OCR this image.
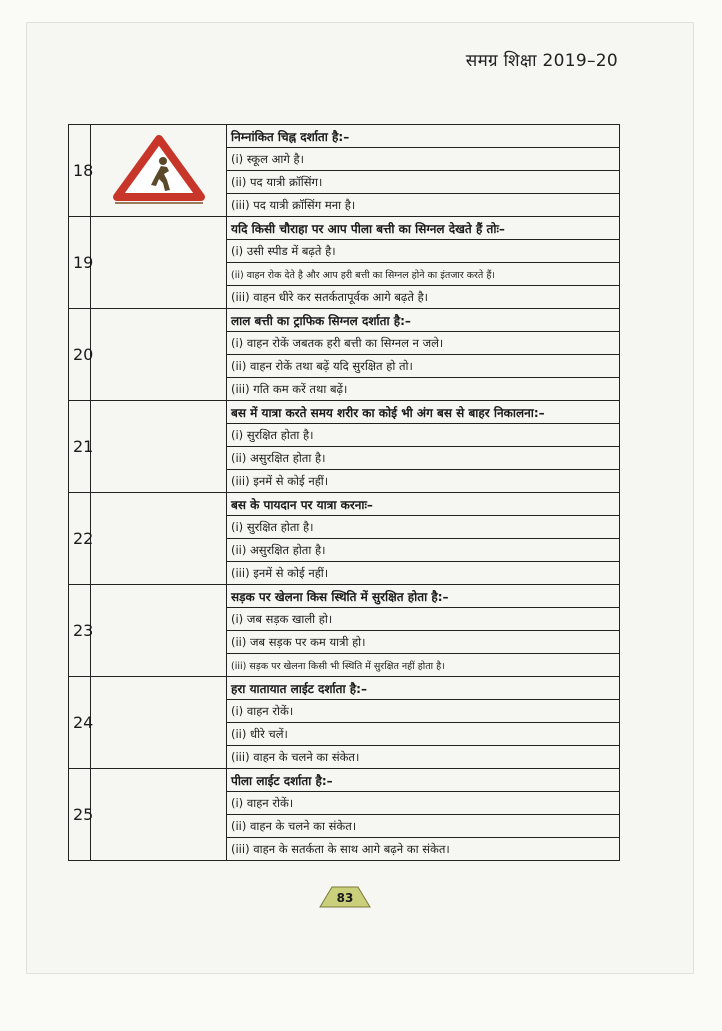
समग्र शिक्षा 2019–20
18		निम्नांकित चिह्न दर्शाता है:–
		(i) स्कूल आगे है।
		(ii) पद यात्री क्रॉसिंग।
		(iii) पद यात्री क्रॉसिंग मना है।
19		यदि किसी चौराहा पर आप पीला बत्ती का सिग्नल देखते हैं तोः–
		(i) उसी स्पीड में बढ़ते है।
		(ii) वाहन रोक देते है और आप हरी बत्ती का सिग्नल होने का इंतजार करते हैं।
		(iii) वाहन धीरे कर सतर्कतापूर्वक आगे बढ़ते है।
20		लाल बत्ती का ट्राफिक सिग्नल दर्शाता है:–
		(i) वाहन रोकें जबतक हरी बत्ती का सिग्नल न जले।
		(ii) वाहन रोकें तथा बढ़ें यदि सुरक्षित हो तो।
		(iii) गति कम करें तथा बढ़ें।
21		बस में यात्रा करते समय शरीर का कोई भी अंग बस से बाहर निकालना:–
		(i) सुरक्षित होता है।
		(ii) असुरक्षित होता है।
		(iii) इनमें से कोई नहीं।
22		बस के पायदान पर यात्रा करनाः–
		(i) सुरक्षित होता है।
		(ii) असुरक्षित होता है।
		(iii) इनमें से कोई नहीं।
23		सड़क पर खेलना किस स्थिति में सुरक्षित होता है:–
		(i) जब सड़क खाली हो।
		(ii) जब सड़क पर कम यात्री हो।
		(iii) सड़क पर खेलना किसी भी स्थिति में सुरक्षित नहीं होता है।
24		हरा यातायात लाईट दर्शाता है:–
		(i) वाहन रोकें।
		(ii) धीरे चलें।
		(iii) वाहन के चलने का संकेत।
25		पीला लाईट दर्शाता है:–
		(i) वाहन रोकें।
		(ii) वाहन के चलने का संकेत।
		(iii) वाहन के सतर्कता के साथ आगे बढ़ने का संकेत।
83
